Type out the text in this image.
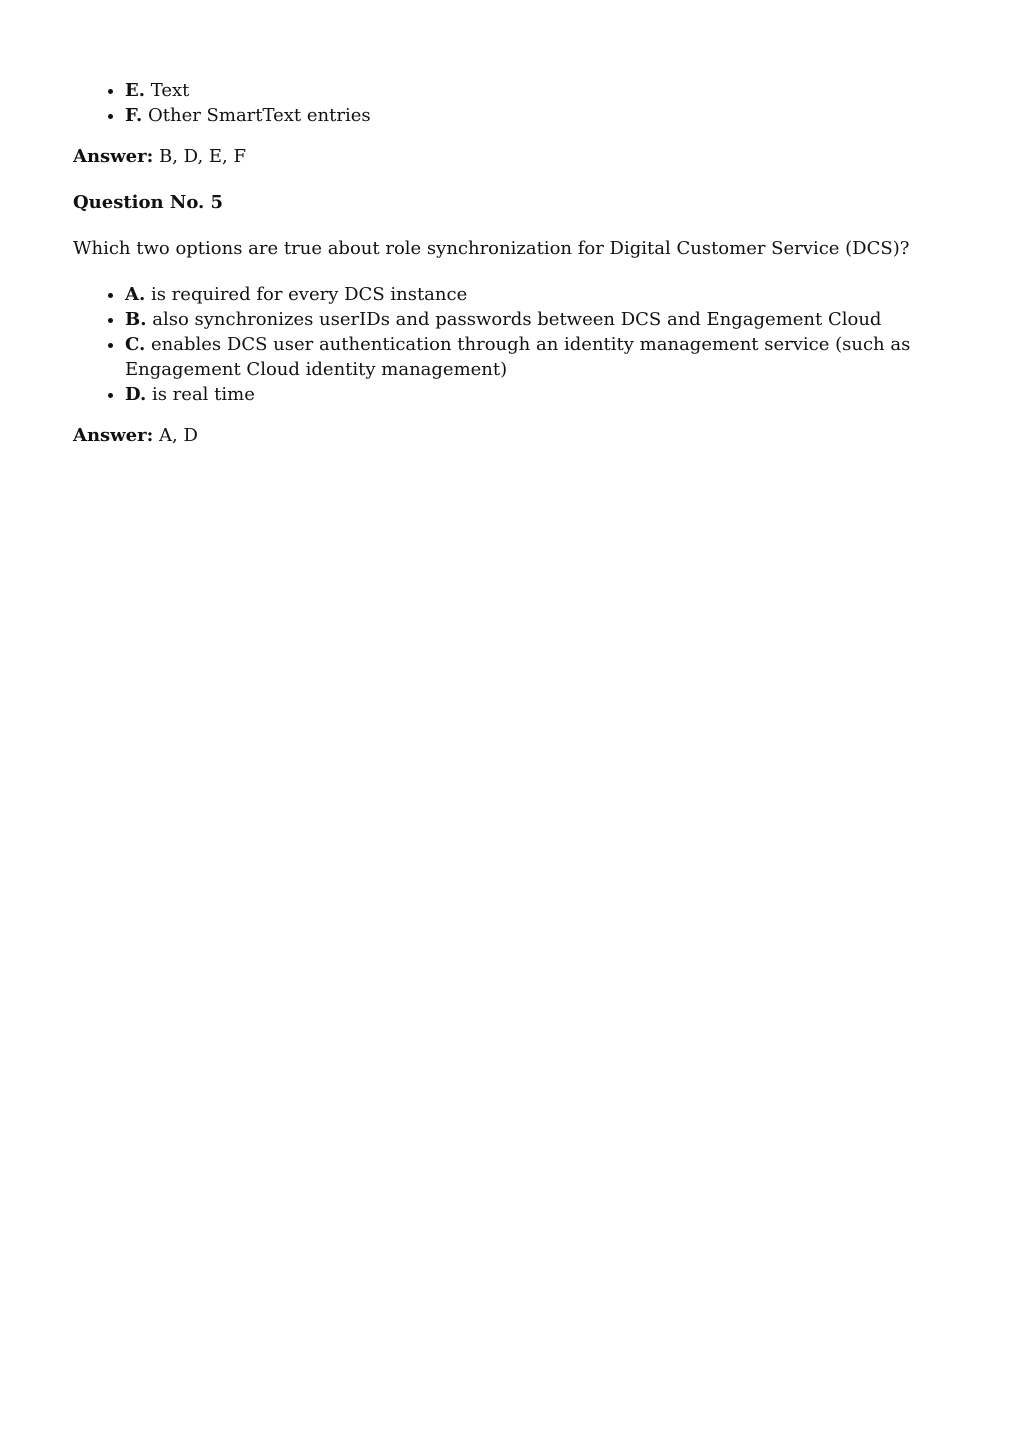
• E. Text
• F. Other SmartText entries

Answer: B, D, E, F

Question No. 5

Which two options are true about role synchronization for Digital Customer Service (DCS)?

• A. is required for every DCS instance
• B. also synchronizes userIDs and passwords between DCS and Engagement Cloud
• C. enables DCS user authentication through an identity management service (such as Engagement Cloud identity management)
• D. is real time

Answer: A, D
